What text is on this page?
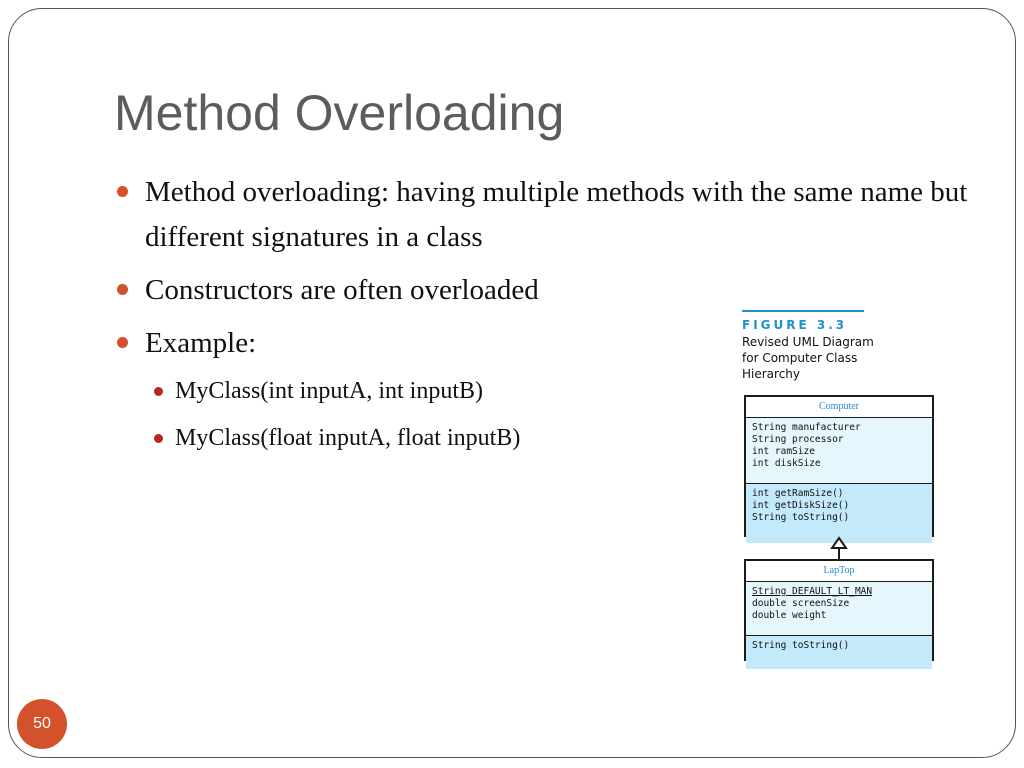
Method Overloading
Method overloading: having multiple methods with the same name but different signatures in a class
Constructors are often overloaded
Example:
MyClass(int inputA, int inputB)
MyClass(float inputA, float inputB)
FIGURE 3.3
Revised UML Diagram
for Computer Class
Hierarchy
Computer
String manufacturer
String processor
int ramSize
int diskSize
int getRamSize()
int getDiskSize()
String toString()
LapTop
String DEFAULT_LT_MAN
double screenSize
double weight
String toString()
50
